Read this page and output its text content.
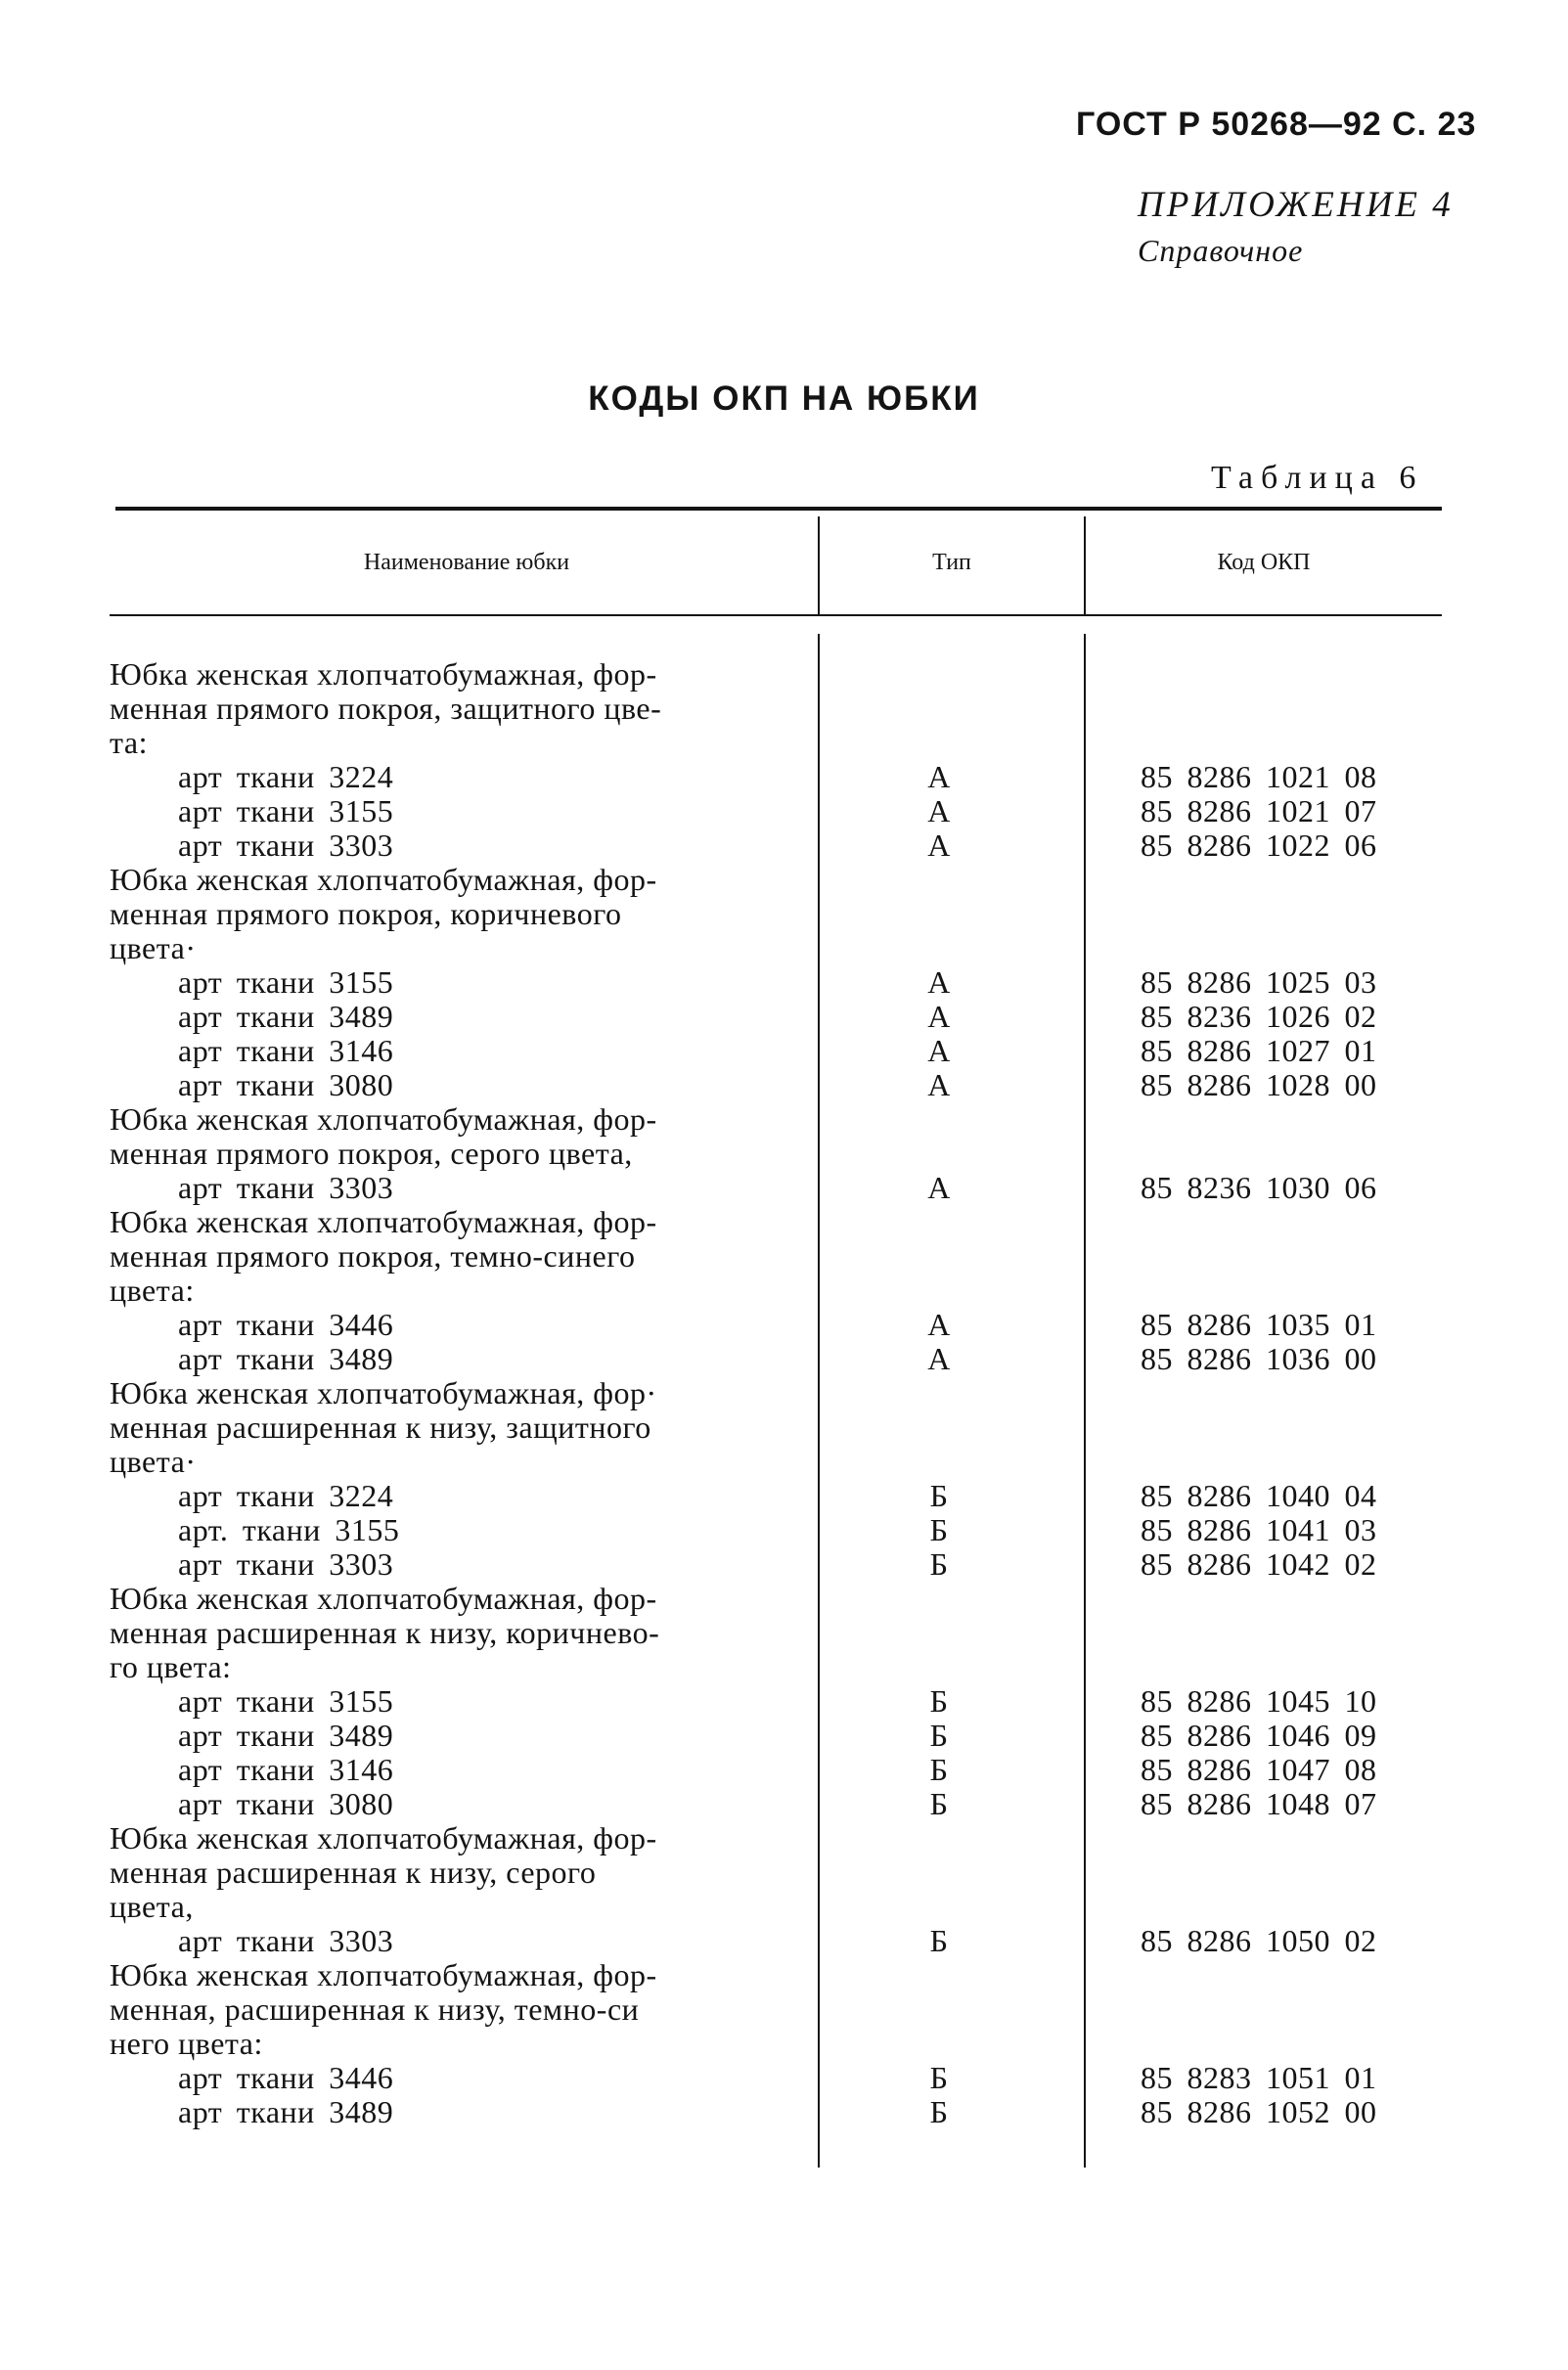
ГОСТ Р 50268—92 С. 23
ПРИЛОЖЕНИЕ 4
Справочное
КОДЫ ОКП НА ЮБКИ
Таблица 6
Наименование юбки	Тип	Код ОКП
Юбка женская хлопчатобумажная, фор-
менная прямого покроя, защитного цве-
та:
арт ткани 3224	А	85 8286 1021 08
арт ткани 3155	А	85 8286 1021 07
арт ткани 3303	А	85 8286 1022 06
Юбка женская хлопчатобумажная, фор-
менная прямого покроя, коричневого
цвета·
арт ткани 3155	А	85 8286 1025 03
арт ткани 3489	А	85 8236 1026 02
арт ткани 3146	А	85 8286 1027 01
арт ткани 3080	А	85 8286 1028 00
Юбка женская хлопчатобумажная, фор-
менная прямого покроя, серого цвета,
арт ткани 3303	А	85 8236 1030 06
Юбка женская хлопчатобумажная, фор-
менная прямого покроя, темно-синего
цвета:
арт ткани 3446	А	85 8286 1035 01
арт ткани 3489	А	85 8286 1036 00
Юбка женская хлопчатобумажная, фор·
менная расширенная к низу, защитного
цвета·
арт ткани 3224	Б	85 8286 1040 04
арт. ткани 3155	Б	85 8286 1041 03
арт ткани 3303	Б	85 8286 1042 02
Юбка женская хлопчатобумажная, фор-
менная расширенная к низу, коричнево-
го цвета:
арт ткани 3155	Б	85 8286 1045 10
арт ткани 3489	Б	85 8286 1046 09
арт ткани 3146	Б	85 8286 1047 08
арт ткани 3080	Б	85 8286 1048 07
Юбка женская хлопчатобумажная, фор-
менная расширенная к низу, серого
цвета,
арт ткани 3303	Б	85 8286 1050 02
Юбка женская хлопчатобумажная, фор-
менная, расширенная к низу, темно-си
него цвета:
арт ткани 3446	Б	85 8283 1051 01
арт ткани 3489	Б	85 8286 1052 00
